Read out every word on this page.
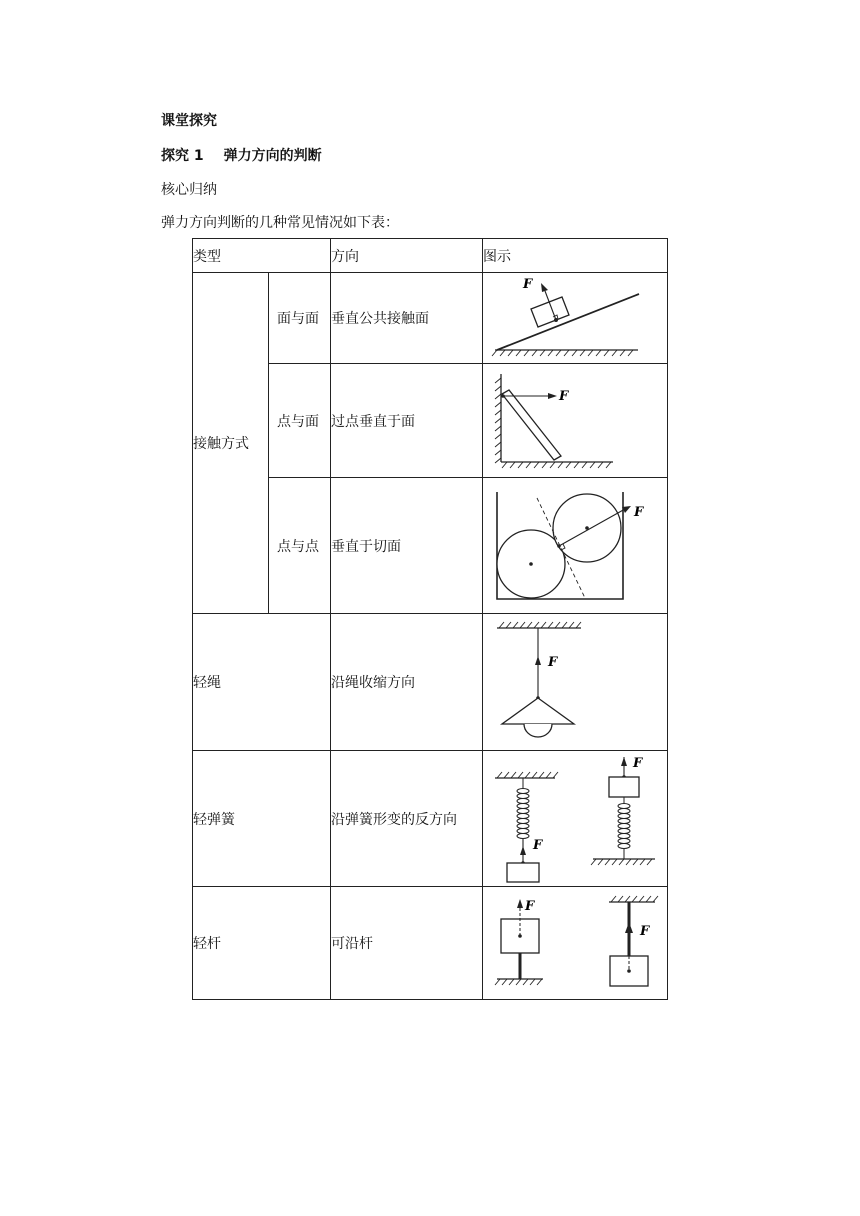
课堂探究
探究 1 弹力方向的判断
核心归纳
弹力方向判断的几种常见情况如下表：
类型		方向	图示
接触方式	面与面	垂直公共接触面	F

	点与面	过点垂直于面	F

	点与点	垂直于切面	F

轻绳		沿绳收缩方向	F

轻弹簧		沿弹簧形变的反方向	F
F

轻杆		可沿杆	F
F
